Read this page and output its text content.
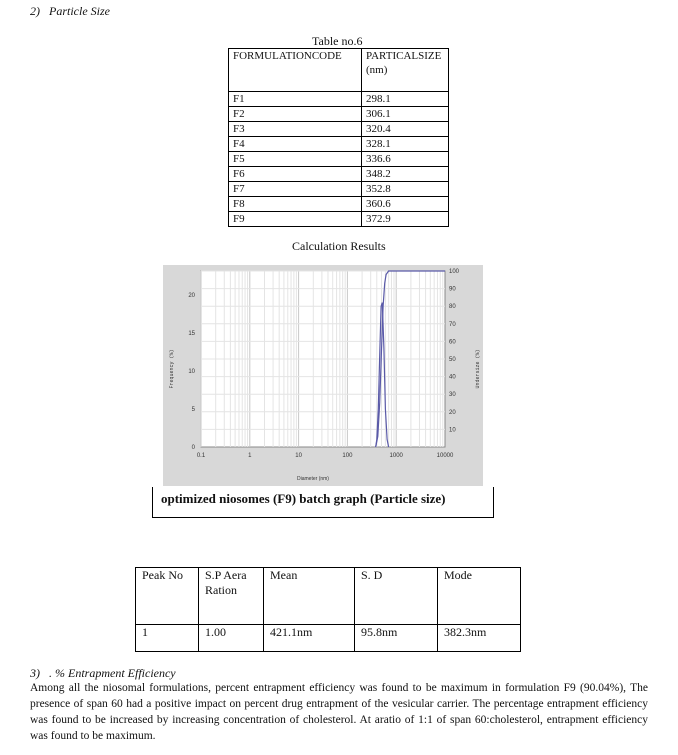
2) Particle Size
Table no.6
FORMULATIONCODE	PARTICALSIZE (nm)
F1	298.1
F2	306.1
F3	320.4
F4	328.1
F5	336.6
F6	348.2
F7	352.8
F8	360.6
F9	372.9
Calculation Results
0
5
10
15
20
10
20
30
40
50
60
70
80
90
100
0.1	1	10	100	1000	10000
Diameter (nm)
Frequency (%)	Undersize (%)
optimized niosomes (F9) batch graph (Particle size)
Peak No	S.P Aera Ration	Mean	S. D	Mode
1	1.00	421.1nm	95.8nm	382.3nm
3) . % Entrapment Efficiency
Among all the niosomal formulations, percent entrapment efficiency was found to be maximum in formulation F9 (90.04%), The presence of span 60 had a positive impact on percent drug entrapment of the vesicular carrier. The percentage entrapment efficiency was found to be increased by increasing concentration of cholesterol. At aratio of 1:1 of span 60:cholesterol, entrapment efficiency was found to be maximum.
